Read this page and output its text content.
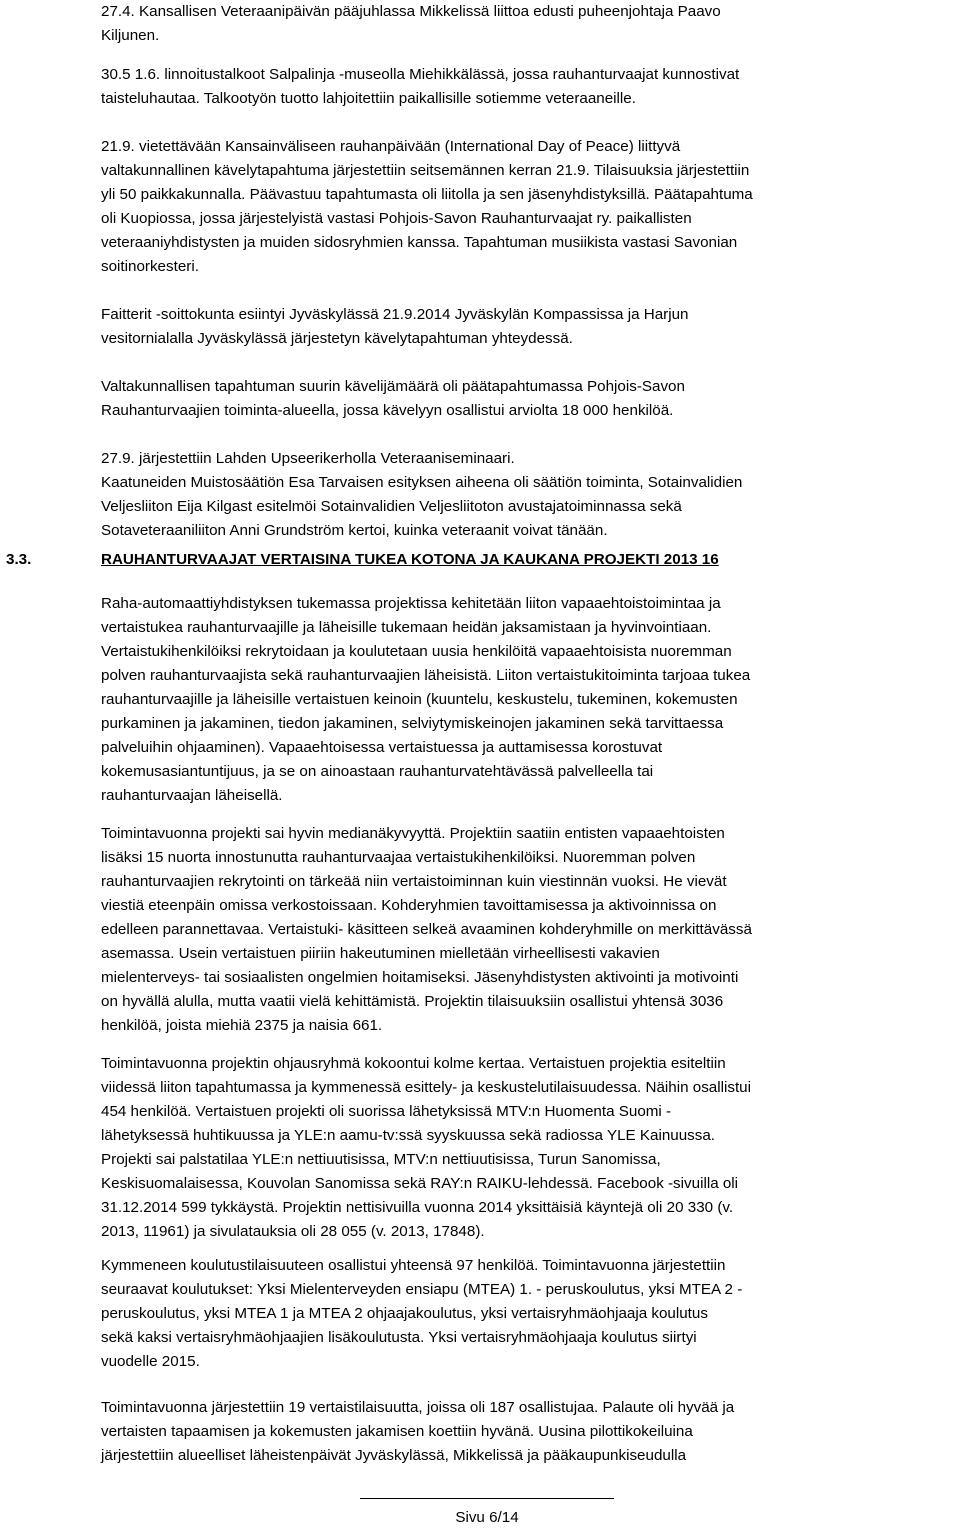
27.4. Kansallisen Veteraanipäivän pääjuhlassa Mikkelissä liittoa edusti puheenjohtaja Paavo
Kiljunen.
30.5 1.6. linnoitustalkoot Salpalinja -museolla Miehikkälässä, jossa rauhanturvaajat kunnostivat
taisteluhautaa. Talkootyön tuotto lahjoitettiin paikallisille sotiemme veteraaneille.
21.9. vietettävään Kansainväliseen rauhanpäivään (International Day of Peace) liittyvä
valtakunnallinen kävelytapahtuma järjestettiin seitsemännen kerran 21.9. Tilaisuuksia järjestettiin
yli 50 paikkakunnalla. Päävastuu tapahtumasta oli liitolla ja sen jäsenyhdistyksillä. Päätapahtuma
oli Kuopiossa, jossa järjestelyistä vastasi Pohjois-Savon Rauhanturvaajat ry. paikallisten
veteraaniyhdistysten ja muiden sidosryhmien kanssa. Tapahtuman musiikista vastasi Savonian
soitinorkesteri.
Faitterit -soittokunta esiintyi Jyväskylässä 21.9.2014 Jyväskylän Kompassissa ja Harjun
vesitornialalla Jyväskylässä järjestetyn kävelytapahtuman yhteydessä.
Valtakunnallisen tapahtuman suurin kävelijämäärä oli päätapahtumassa Pohjois-Savon
Rauhanturvaajien toiminta-alueella, jossa kävelyyn osallistui arviolta 18 000 henkilöä.
27.9. järjestettiin Lahden Upseerikerholla Veteraaniseminaari.
Kaatuneiden Muistosäätiön Esa Tarvaisen esityksen aiheena oli säätiön toiminta, Sotainvalidien
Veljesliiton Eija Kilgast esitelmöi Sotainvalidien Veljesliitoton avustajatoiminnassa sekä
Sotaveteraaniliiton Anni Grundström kertoi, kuinka veteraanit voivat tänään.
3.3.	RAUHANTURVAAJAT VERTAISINA TUKEA KOTONA JA KAUKANA PROJEKTI 2013 16
Raha-automaattiyhdistyksen tukemassa projektissa kehitetään liiton vapaaehtoistoimintaa ja
vertaistukea rauhanturvaajille ja läheisille tukemaan heidän jaksamistaan ja hyvinvointiaan.
Vertaistukihenkilöiksi rekrytoidaan ja koulutetaan uusia henkilöitä vapaaehtoisista nuoremman
polven rauhanturvaajista sekä rauhanturvaajien läheisistä. Liiton vertaistukitoiminta tarjoaa tukea
rauhanturvaajille ja läheisille vertaistuen keinoin (kuuntelu, keskustelu, tukeminen, kokemusten
purkaminen ja jakaminen, tiedon jakaminen, selviytymiskeinojen jakaminen sekä tarvittaessa
palveluihin ohjaaminen). Vapaaehtoisessa vertaistuessa ja auttamisessa korostuvat
kokemusasiantuntijuus, ja se on ainoastaan rauhanturvatehtävässä palvelleella tai
rauhanturvaajan läheisellä.
Toimintavuonna projekti sai hyvin medianäkyvyyttä. Projektiin saatiin entisten vapaaehtoisten
lisäksi 15 nuorta innostunutta rauhanturvaajaa vertaistukihenkilöiksi. Nuoremman polven
rauhanturvaajien rekrytointi on tärkeää niin vertaistoiminnan kuin viestinnän vuoksi. He vievät
viestiä eteenpäin omissa verkostoissaan. Kohderyhmien tavoittamisessa ja aktivoinnissa on
edelleen parannettavaa. Vertaistuki- käsitteen selkeä avaaminen kohderyhmille on merkittävässä
asemassa. Usein vertaistuen piiriin hakeutuminen mielletään virheellisesti vakavien
mielenterveys- tai sosiaalisten ongelmien hoitamiseksi. Jäsenyhdistysten aktivointi ja motivointi
on hyvällä alulla, mutta vaatii vielä kehittämistä. Projektin tilaisuuksiin osallistui yhtensä 3036
henkilöä, joista miehiä 2375 ja naisia 661.
Toimintavuonna projektin ohjausryhmä kokoontui kolme kertaa. Vertaistuen projektia esiteltiin
viidessä liiton tapahtumassa ja kymmenessä esittely- ja keskustelutilaisuudessa. Näihin osallistui
454 henkilöä. Vertaistuen projekti oli suorissa lähetyksissä MTV:n Huomenta Suomi -
lähetyksessä huhtikuussa ja YLE:n aamu-tv:ssä syyskuussa sekä radiossa YLE Kainuussa.
Projekti sai palstatilaa YLE:n nettiuutisissa, MTV:n nettiuutisissa, Turun Sanomissa,
Keskisuomalaisessa, Kouvolan Sanomissa sekä RAY:n RAIKU-lehdessä. Facebook -sivuilla oli
31.12.2014 599 tykkäystä. Projektin nettisivuilla vuonna 2014 yksittäisiä käyntejä oli 20 330 (v.
2013, 11961) ja sivulatauksia oli 28 055 (v. 2013, 17848).
Kymmeneen koulutustilaisuuteen osallistui yhteensä 97 henkilöä. Toimintavuonna järjestettiin
seuraavat koulutukset: Yksi Mielenterveyden ensiapu (MTEA) 1. - peruskoulutus, yksi MTEA 2 -
peruskoulutus, yksi MTEA 1 ja MTEA 2 ohjaajakoulutus, yksi vertaisryhmäohjaaja koulutus
sekä kaksi vertaisryhmäohjaajien lisäkoulutusta. Yksi vertaisryhmäohjaaja koulutus siirtyi
vuodelle 2015.
Toimintavuonna järjestettiin 19 vertaistilaisuutta, joissa oli 187 osallistujaa. Palaute oli hyvää ja
vertaisten tapaamisen ja kokemusten jakamisen koettiin hyvänä. Uusina pilottikokeiluina
järjestettiin alueelliset läheistenpäivät Jyväskylässä, Mikkelissä ja pääkaupunkiseudulla
Sivu 6/14
